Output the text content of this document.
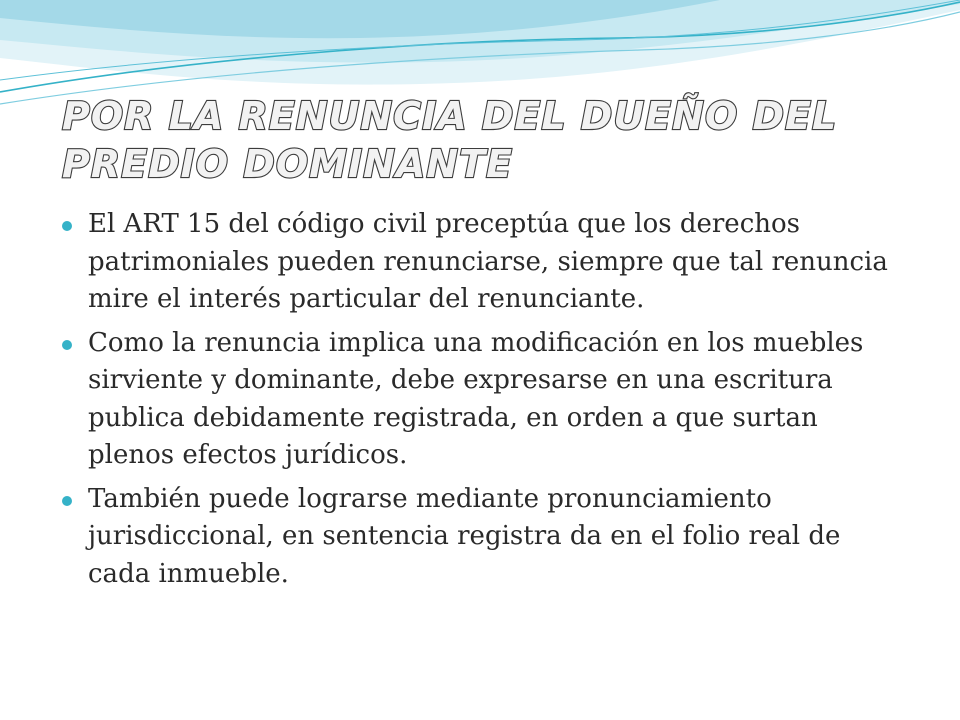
POR LA RENUNCIA DEL DUEÑO DEL PREDIO DOMINANTE
El ART 15 del código civil preceptúa que los derechos patrimoniales pueden renunciarse, siempre que tal renuncia mire el interés particular del renunciante.
Como la renuncia implica una modificación en los muebles sirviente y dominante, debe expresarse en una escritura publica debidamente registrada, en orden a que surtan plenos efectos jurídicos.
También puede lograrse mediante pronunciamiento jurisdiccional, en sentencia registra da en el folio real de cada inmueble.
